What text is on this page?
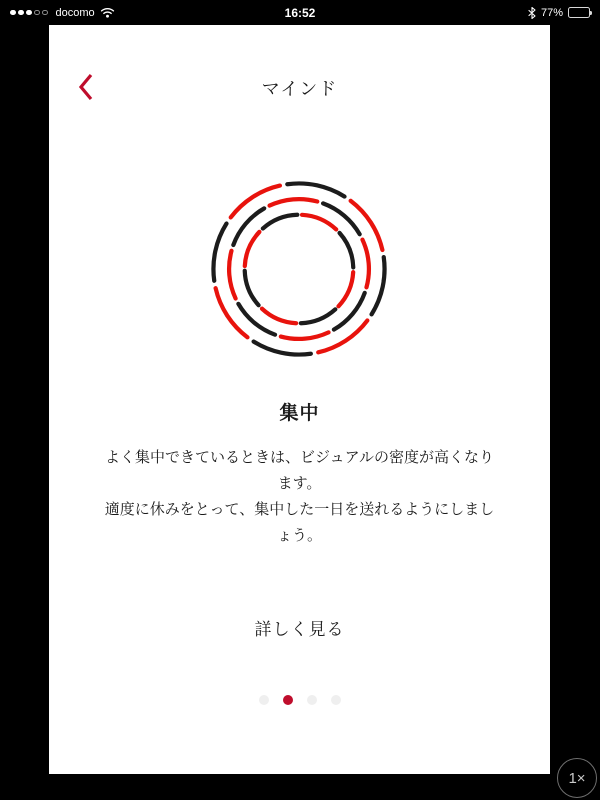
docomo	16:52	77%
マインド
集中
よく集中できているときは、ビジュアルの密度が高くなり
ます。
適度に休みをとって、集中した一日を送れるようにしまし
ょう。
詳しく見る
1×
